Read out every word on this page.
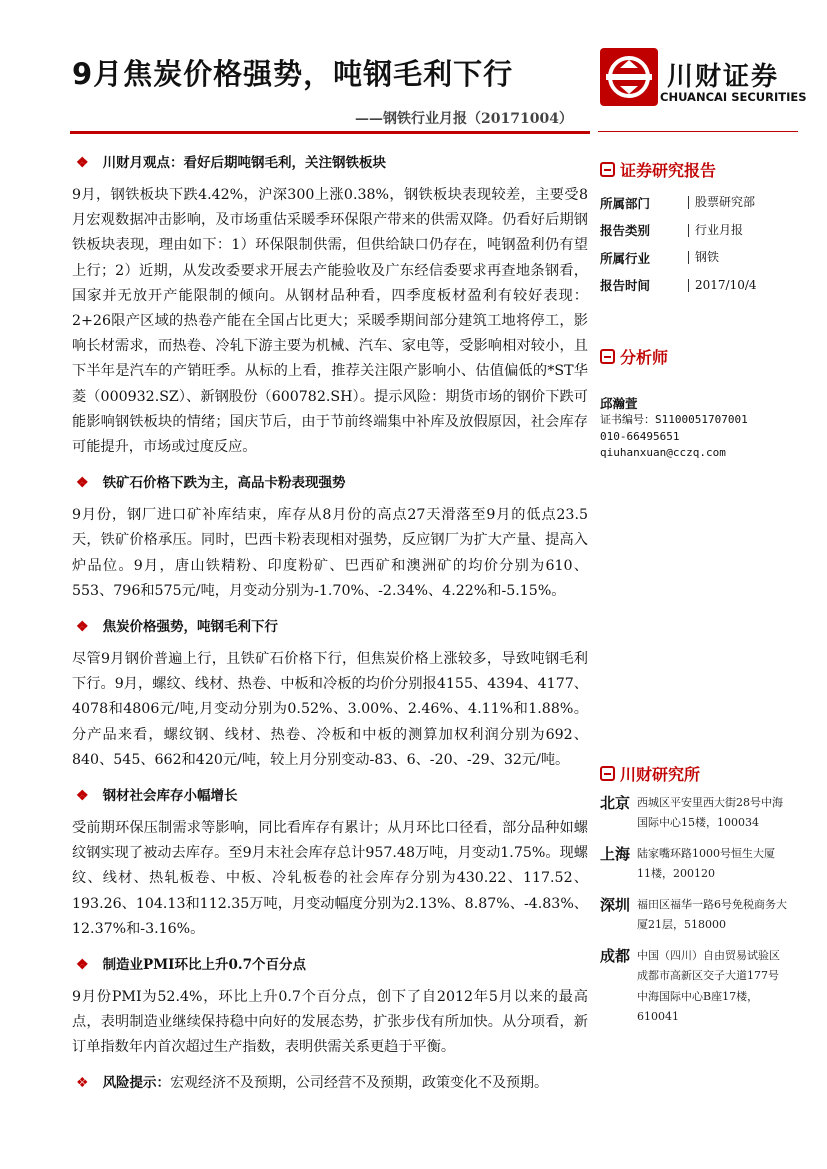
9月焦炭价格强势，吨钢毛利下行
——钢铁行业月报（20171004）
川财证券
CHUANCAI SECURITIES
❖ 川财月观点：看好后期吨钢毛利，关注钢铁板块
9月，钢铁板块下跌4.42%，沪深300上涨0.38%，钢铁板块表现较差，主要受8月宏观数据冲击影响，及市场重估采暖季环保限产带来的供需双降。仍看好后期钢铁板块表现，理由如下：1）环保限制供需，但供给缺口仍存在，吨钢盈利仍有望上行；2）近期，从发改委要求开展去产能验收及广东经信委要求再查地条钢看，国家并无放开产能限制的倾向。从钢材品种看，四季度板材盈利有较好表现：2+26限产区域的热卷产能在全国占比更大；采暖季期间部分建筑工地将停工，影响长材需求，而热卷、冷轧下游主要为机械、汽车、家电等，受影响相对较小，且下半年是汽车的产销旺季。从标的上看，推荐关注限产影响小、估值偏低的*ST华菱（000932.SZ）、新钢股份（600782.SH）。提示风险：期货市场的钢价下跌可能影响钢铁板块的情绪；国庆节后，由于节前终端集中补库及放假原因，社会库存可能提升，市场或过度反应。
❖ 铁矿石价格下跌为主，高品卡粉表现强势
9月份，钢厂进口矿补库结束，库存从8月份的高点27天滑落至9月的低点23.5天，铁矿价格承压。同时，巴西卡粉表现相对强势，反应钢厂为扩大产量、提高入炉品位。9月，唐山铁精粉、印度粉矿、巴西矿和澳洲矿的均价分别为610、553、796和575元/吨，月变动分别为-1.70%、-2.34%、4.22%和-5.15%。
❖ 焦炭价格强势，吨钢毛利下行
尽管9月钢价普遍上行，且铁矿石价格下行，但焦炭价格上涨较多，导致吨钢毛利下行。9月，螺纹、线材、热卷、中板和冷板的均价分别报4155、4394、4177、4078和4806元/吨,月变动分别为0.52%、3.00%、2.46%、4.11%和1.88%。分产品来看，螺纹钢、线材、热卷、冷板和中板的测算加权利润分别为692、840、545、662和420元/吨，较上月分别变动-83、6、-20、-29、32元/吨。
❖ 钢材社会库存小幅增长
受前期环保压制需求等影响，同比看库存有累计；从月环比口径看，部分品种如螺纹钢实现了被动去库存。至9月末社会库存总计957.48万吨，月变动1.75%。现螺纹、线材、热轧板卷、中板、冷轧板卷的社会库存分别为430.22、117.52、193.26、104.13和112.35万吨，月变动幅度分别为2.13%、8.87%、-4.83%、12.37%和-3.16%。
❖ 制造业PMI环比上升0.7个百分点
9月份PMI为52.4%，环比上升0.7个百分点，创下了自2012年5月以来的最高点，表明制造业继续保持稳中向好的发展态势，扩张步伐有所加快。从分项看，新订单指数年内首次超过生产指数，表明供需关系更趋于平衡。
❖ 风险提示： 宏观经济不及预期，公司经营不及预期，政策变化不及预期。
证券研究报告
所属部门	股票研究部
报告类别	行业月报
所属行业	钢铁
报告时间	2017/10/4
分析师
邱瀚萱
证书编号：S1100051707001
010-66495651
qiuhanxuan@cczq.com
川财研究所
北京 西城区平安里西大街28号中海国际中心15楼，100034
上海 陆家嘴环路1000号恒生大厦11楼，200120
深圳 福田区福华一路6号免税商务大厦21层，518000
成都 中国（四川）自由贸易试验区成都市高新区交子大道177号中海国际中心B座17楼，610041
